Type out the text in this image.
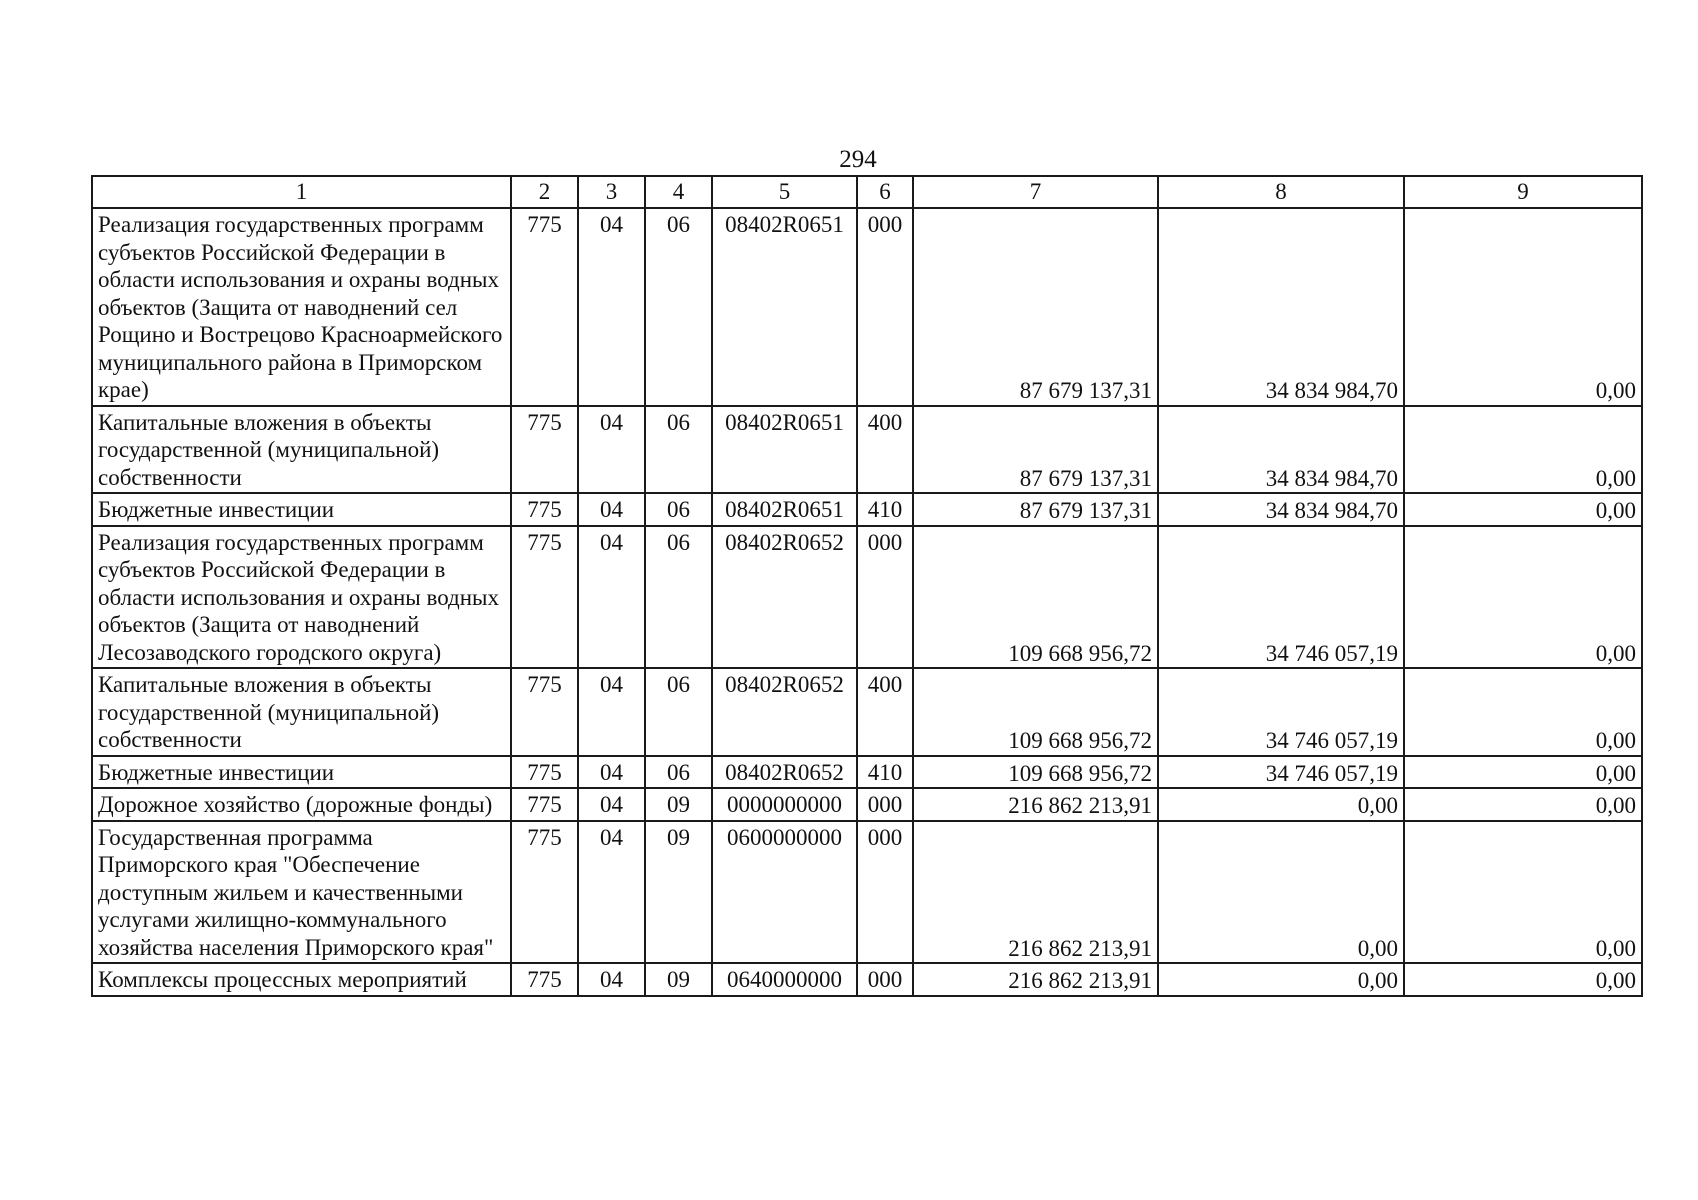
294
1	2	3	4	5	6	7	8	9
Реализация государственных программ субъектов Российской Федерации в области использования и охраны водных объектов (Защита от наводнений сел Рощино и Вострецово Красноармейского муниципального района в Приморском крае)	775	04	06	08402R0651	000	87 679 137,31	34 834 984,70	0,00
Капитальные вложения в объекты государственной (муниципальной) собственности	775	04	06	08402R0651	400	87 679 137,31	34 834 984,70	0,00
Бюджетные инвестиции	775	04	06	08402R0651	410	87 679 137,31	34 834 984,70	0,00
Реализация государственных программ субъектов Российской Федерации в области использования и охраны водных объектов (Защита от наводнений Лесозаводского городского округа)	775	04	06	08402R0652	000	109 668 956,72	34 746 057,19	0,00
Капитальные вложения в объекты государственной (муниципальной) собственности	775	04	06	08402R0652	400	109 668 956,72	34 746 057,19	0,00
Бюджетные инвестиции	775	04	06	08402R0652	410	109 668 956,72	34 746 057,19	0,00
Дорожное хозяйство (дорожные фонды)	775	04	09	0000000000	000	216 862 213,91	0,00	0,00
Государственная программа Приморского края "Обеспечение доступным жильем и качественными услугами жилищно-коммунального хозяйства населения Приморского края"	775	04	09	0600000000	000	216 862 213,91	0,00	0,00
Комплексы процессных мероприятий	775	04	09	0640000000	000	216 862 213,91	0,00	0,00
